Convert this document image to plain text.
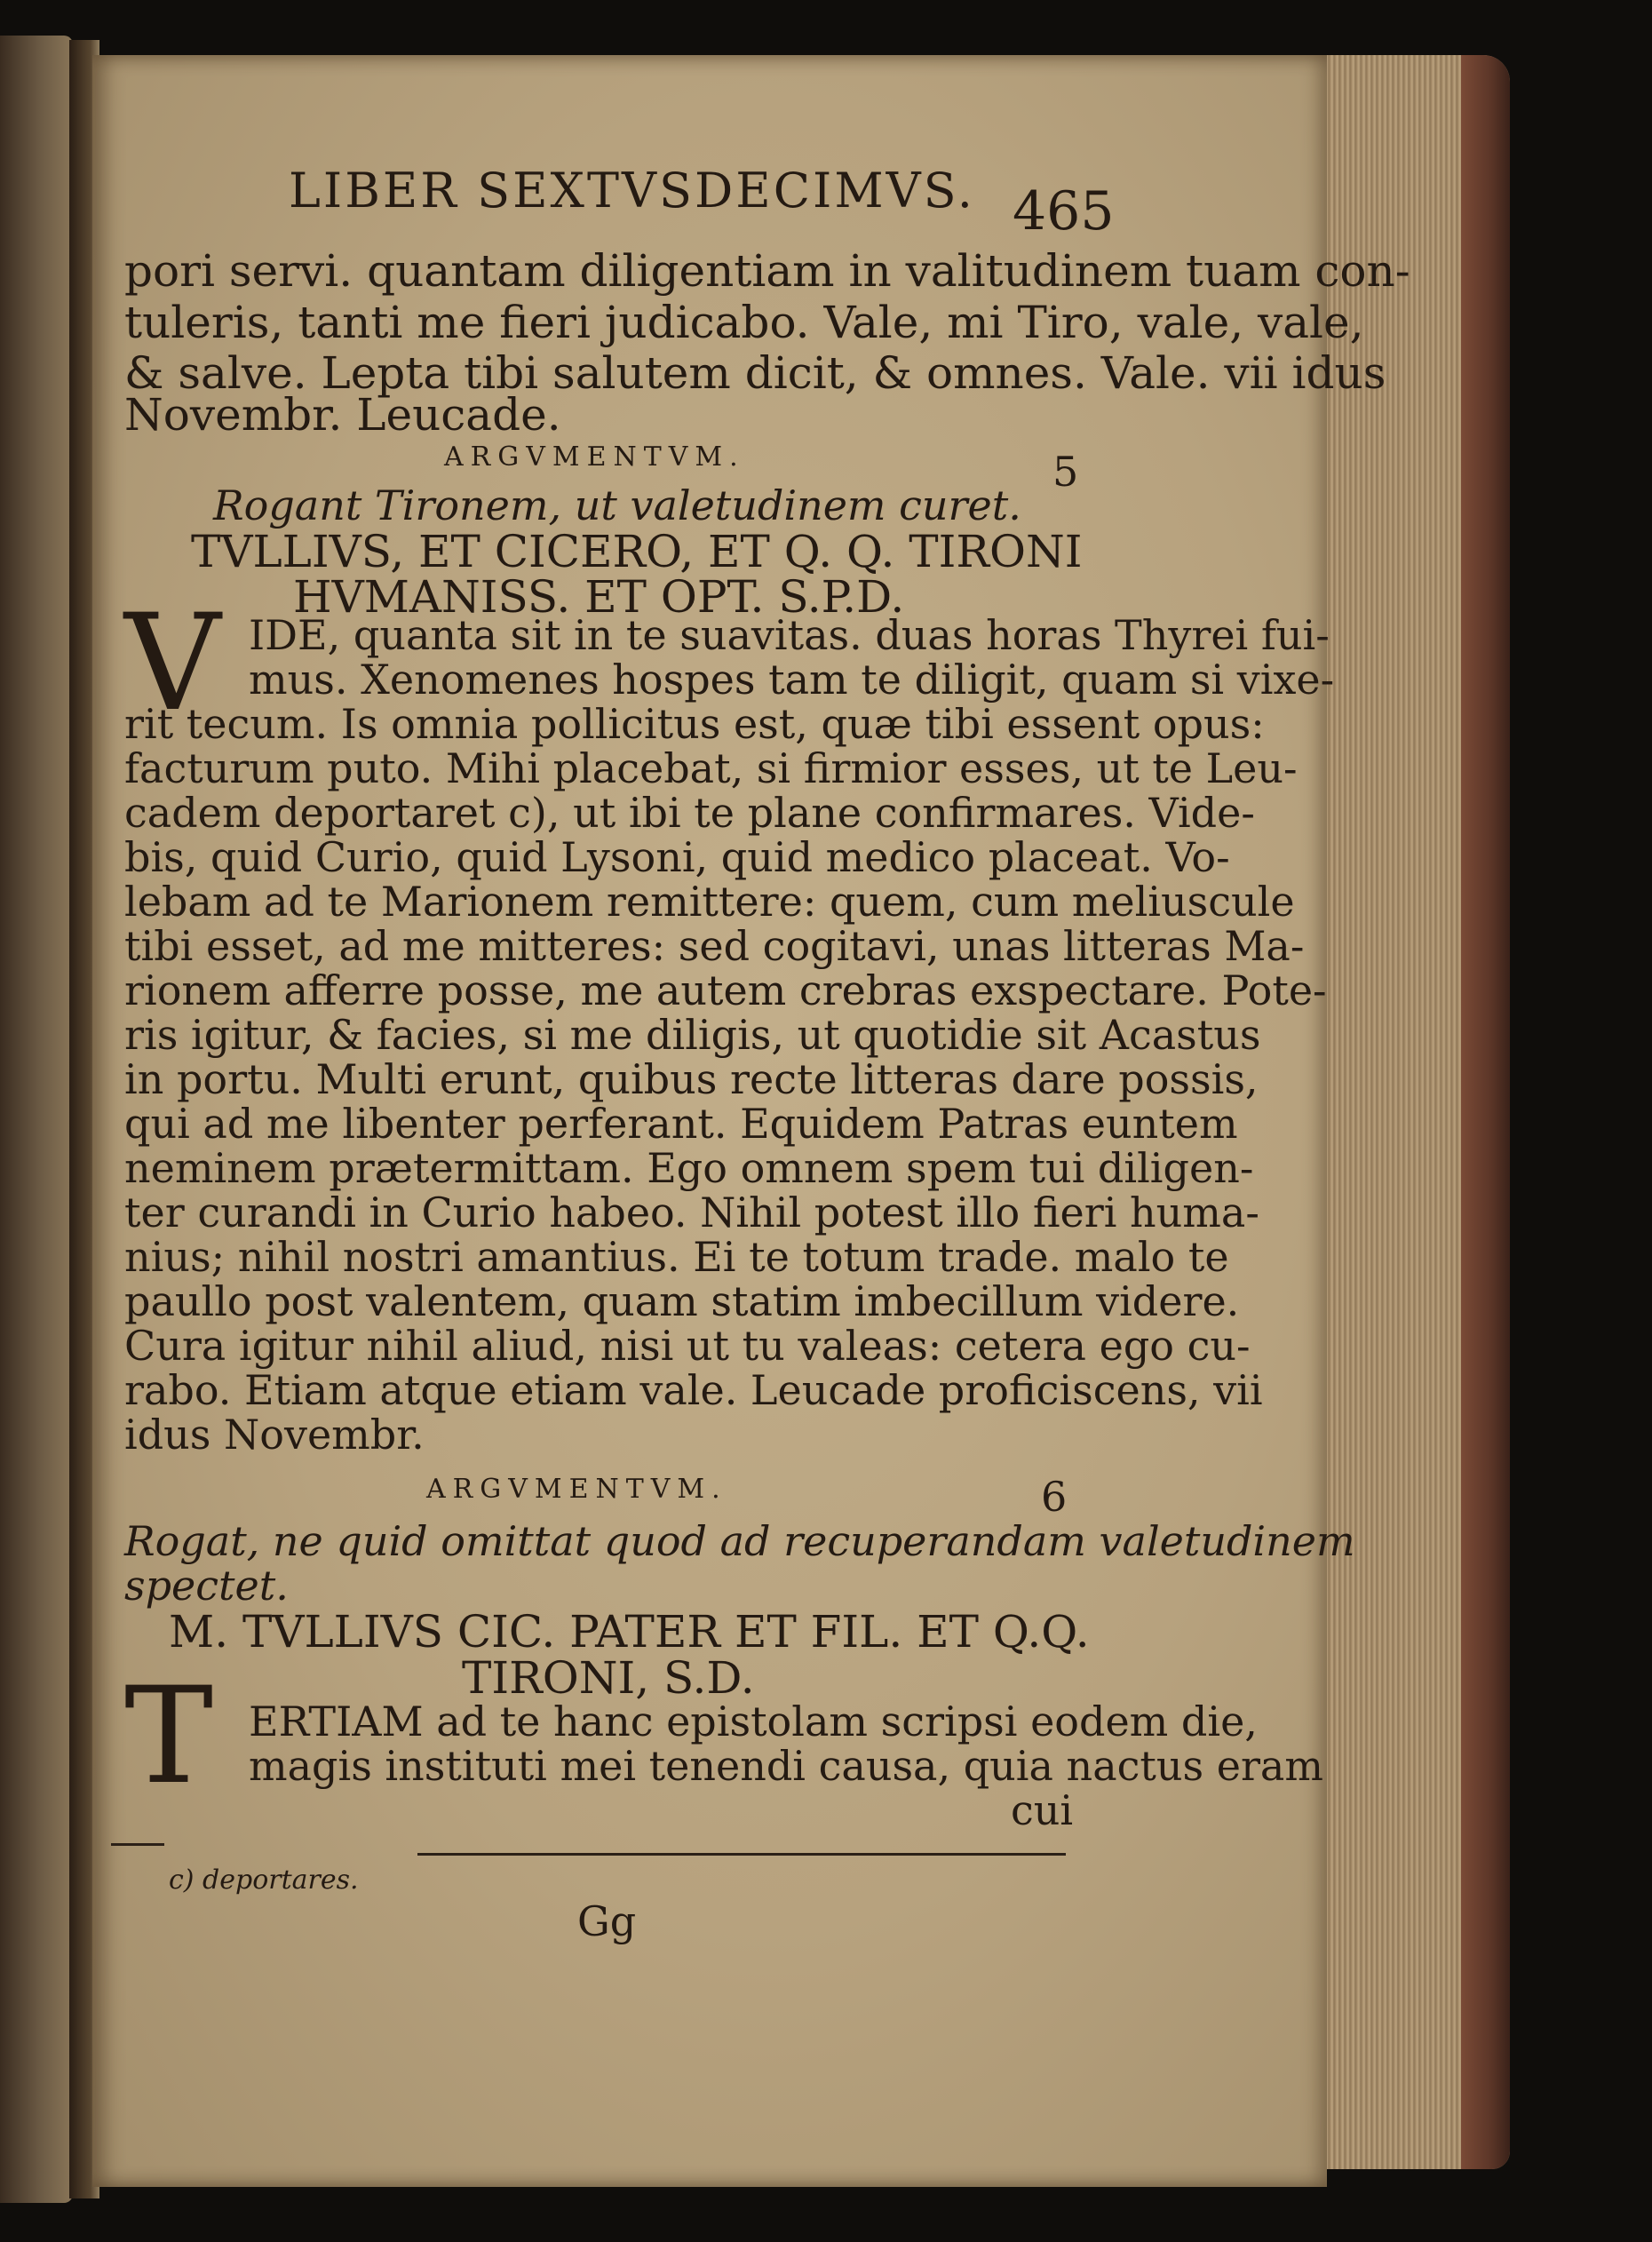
LIBER SEXTVSDECIMVS. 465
pori servi. quantam diligentiam in valitudinem tuam con-
tuleris, tanti me fieri judicabo. Vale, mi Tiro, vale, vale,
& salve. Lepta tibi salutem dicit, & omnes. Vale. vii idus
Novembr. Leucade.
ARGVMENTVM.	5
Rogant Tironem, ut valetudinem curet.
TVLLIVS, ET CICERO, ET Q. Q. TIRONI
HVMANISS. ET OPT. S.P.D.
V IDE, quanta sit in te suavitas. duas horas Thyrei fui-
mus. Xenomenes hospes tam te diligit, quam si vixe-
rit tecum. Is omnia pollicitus est, quæ tibi essent opus:
facturum puto. Mihi placebat, si firmior esses, ut te Leu-
cadem deportaret c), ut ibi te plane confirmares. Vide-
bis, quid Curio, quid Lysoni, quid medico placeat. Vo-
lebam ad te Marionem remittere: quem, cum meliuscule
tibi esset, ad me mitteres: sed cogitavi, unas litteras Ma-
rionem afferre posse, me autem crebras exspectare. Pote-
ris igitur, & facies, si me diligis, ut quotidie sit Acastus
in portu. Multi erunt, quibus recte litteras dare possis,
qui ad me libenter perferant. Equidem Patras euntem
neminem prætermittam. Ego omnem spem tui diligen-
ter curandi in Curio habeo. Nihil potest illo fieri huma-
nius; nihil nostri amantius. Ei te totum trade. malo te
paullo post valentem, quam statim imbecillum videre.
Cura igitur nihil aliud, nisi ut tu valeas: cetera ego cu-
rabo. Etiam atque etiam vale. Leucade proficiscens, vii
idus Novembr.
ARGVMENTVM.	6
Rogat, ne quid omittat quod ad recuperandam valetudinem
spectet.
M. TVLLIVS CIC. PATER ET FIL. ET Q.Q.
TIRONI, S.D.
T ERTIAM ad te hanc epistolam scripsi eodem die,
magis instituti mei tenendi causa, quia nactus eram
cui
c) deportares.
Gg
